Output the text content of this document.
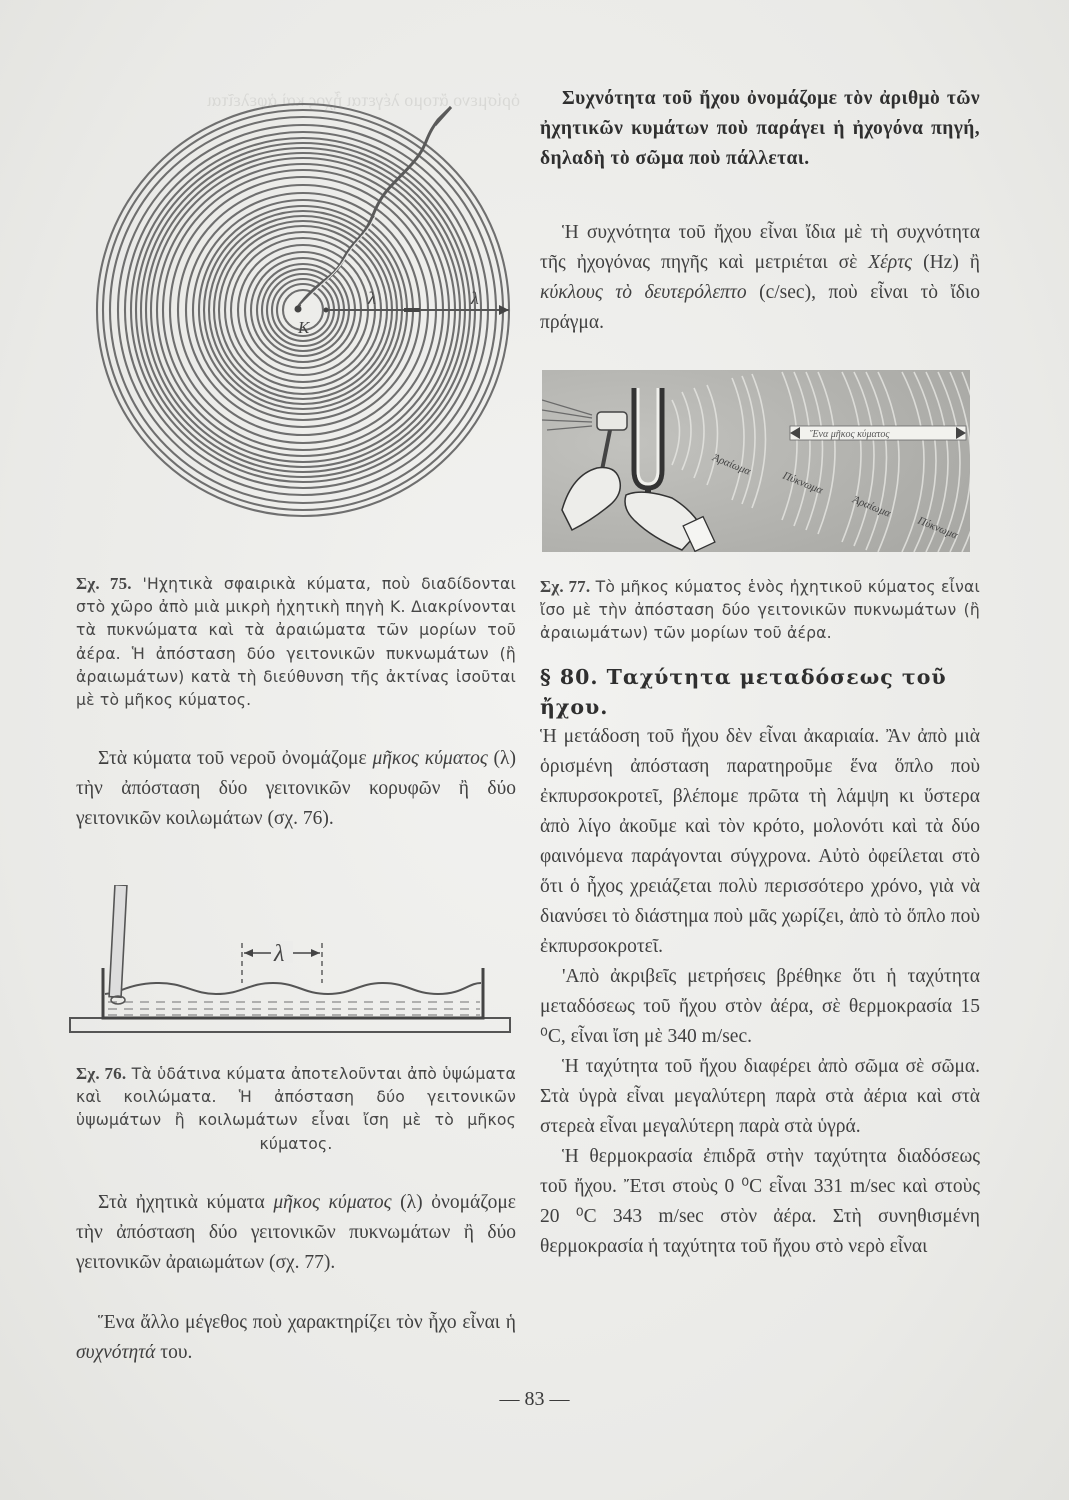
ὁρίσμενο ἄτομο λέγεται ἦχος καὶ ἀφελεῖται
K
λ	λ

Σχ. 75. 'Ηχητικὰ σφαιρικὰ κύματα, ποὺ διαδίδονται στὸ χῶρο ἀπὸ μιὰ μικρὴ ἠχητικὴ πηγὴ Κ. Διακρίνονται τὰ πυκνώματα καὶ τὰ ἀραιώματα τῶν μορίων τοῦ ἀέρα. Ἡ ἀπόσταση δύο γειτονικῶν πυκνωμάτων (ἢ ἀραιωμάτων) κατὰ τὴ διεύθυνση τῆς ἀκτίνας ἰσοῦται μὲ τὸ μῆκος κύματος.

Στὰ κύματα τοῦ νεροῦ ὀνομάζομε μῆκος κύματος (λ) τὴν ἀπόσταση δύο γειτονικῶν κορυφῶν ἢ δύο γειτονικῶν κοιλωμάτων (σχ. 76).

λ

Σχ. 76. Τὰ ὑδάτινα κύματα ἀποτελοῦνται ἀπὸ ὑψώματα καὶ κοιλώματα. Ἡ ἀπόσταση δύο γειτονικῶν ὑψωμάτων ἢ κοιλωμάτων εἶναι ἴση μὲ τὸ μῆκος κύματος.

Στὰ ἠχητικὰ κύματα μῆκος κύματος (λ) ὀνομάζομε τὴν ἀπόσταση δύο γειτονικῶν πυκνωμάτων ἢ δύο γειτονικῶν ἀραιωμάτων (σχ. 77).

Ἕνα ἄλλο μέγεθος ποὺ χαρακτηρίζει τὸν ἦχο εἶναι ἡ συχνότητά του.

Συχνότητα τοῦ ἤχου ὀνομάζομε τὸν ἀριθμὸ τῶν ἠχητικῶν κυμάτων ποὺ παράγει ἡ ἠχογόνα πηγή, δηλαδὴ τὸ σῶμα ποὺ πάλλεται.

Ἡ συχνότητα τοῦ ἤχου εἶναι ἴδια μὲ τὴ συχνότητα τῆς ἠχογόνας πηγῆς καὶ μετριέται σὲ Χέρτς (Hz) ἢ κύκλους τὸ δευτερόλεπτο (c/sec), ποὺ εἶναι τὸ ἴδιο πράγμα.

Ἕνα μῆκος κύματος
Ἀραίωμα
Πύκνωμα
Ἀραίωμα
Πύκνωμα

Σχ. 77. Τὸ μῆκος κύματος ἑνὸς ἠχητικοῦ κύματος εἶναι ἴσο μὲ τὴν ἀπόσταση δύο γειτονικῶν πυκνωμάτων (ἢ ἀραιωμάτων) τῶν μορίων τοῦ ἀέρα.

§ 80. Ταχύτητα μεταδόσεως τοῦ ἤχου.

Ἡ μετάδοση τοῦ ἤχου δὲν εἶναι ἀκαριαία. Ἂν ἀπὸ μιὰ ὁρισμένη ἀπόσταση παρατηροῦμε ἕνα ὅπλο ποὺ ἐκπυρσοκροτεῖ, βλέπομε πρῶτα τὴ λάμψη κι ὕστερα ἀπὸ λίγο ἀκοῦμε καὶ τὸν κρότο, μολονότι καὶ τὰ δύο φαινόμενα παράγονται σύγχρονα. Αὐτὸ ὀφείλεται στὸ ὅτι ὁ ἦχος χρειάζεται πολὺ περισσότερο χρόνο, γιὰ νὰ διανύσει τὸ διάστημα ποὺ μᾶς χωρίζει, ἀπὸ τὸ ὅπλο ποὺ ἐκπυρσοκροτεῖ.

'Απὸ ἀκριβεῖς μετρήσεις βρέθηκε ὅτι ἡ ταχύτητα μεταδόσεως τοῦ ἤχου στὸν ἀέρα, σὲ θερμοκρασία 15 ⁰C, εἶναι ἴση μὲ 340 m/sec.

Ἡ ταχύτητα τοῦ ἤχου διαφέρει ἀπὸ σῶμα σὲ σῶμα. Στὰ ὑγρὰ εἶναι μεγαλύτερη παρὰ στὰ ἀέρια καὶ στὰ στερεὰ εἶναι μεγαλύτερη παρὰ στὰ ὑγρά.

Ἡ θερμοκρασία ἐπιδρᾶ στὴν ταχύτητα διαδόσεως τοῦ ἤχου. Ἔτσι στοὺς 0 ⁰C εἶναι 331 m/sec καὶ στοὺς 20 ⁰C 343 m/sec στὸν ἀέρα. Στὴ συνηθισμένη θερμοκρασία ἡ ταχύτητα τοῦ ἤχου στὸ νερὸ εἶναι

— 83 —
